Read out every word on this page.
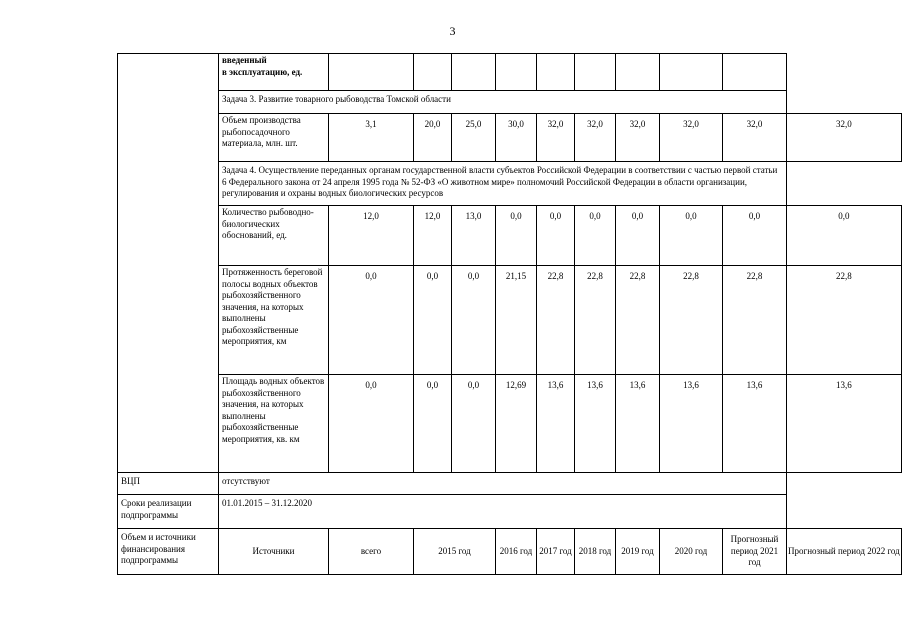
3
	введенный
в эксплуатацию, ед.										
	Задача 3. Развитие товарного рыбоводства Томской области										
	Объем производства рыбопосадочного материала, млн. шт.	3,1	20,0	25,0	30,0	32,0	32,0	32,0	32,0	32,0	32,0
	Задача 4. Осуществление переданных органам государственной власти субъектов Российской Федерации в соответствии с частью первой статьи 6 Федерального закона от 24 апреля 1995 года № 52-ФЗ «О животном мире» полномочий Российской Федерации в области организации, регулирования и охраны водных биологических ресурсов										
	Количество рыбоводно-биологических обоснований, ед.	12,0	12,0	13,0	0,0	0,0	0,0	0,0	0,0	0,0	0,0
	Протяженность береговой полосы водных объектов рыбохозяйственного значения, на которых выполнены рыбохозяйственные мероприятия, км	0,0	0,0	0,0	21,15	22,8	22,8	22,8	22,8	22,8	22,8
	Площадь водных объектов рыбохозяйственного значения, на которых выполнены рыбохозяйственные мероприятия, кв. км	0,0	0,0	0,0	12,69	13,6	13,6	13,6	13,6	13,6	13,6
ВЦП	отсутствуют										
Сроки реализации подпрограммы	01.01.2015 – 31.12.2020										
Объем и источники финансирования подпрограммы	Источники	всего	2015 год		2016 год	2017 год	2018 год	2019 год	2020 год	Прогнозный период 2021 год	Прогнозный период 2022 год
